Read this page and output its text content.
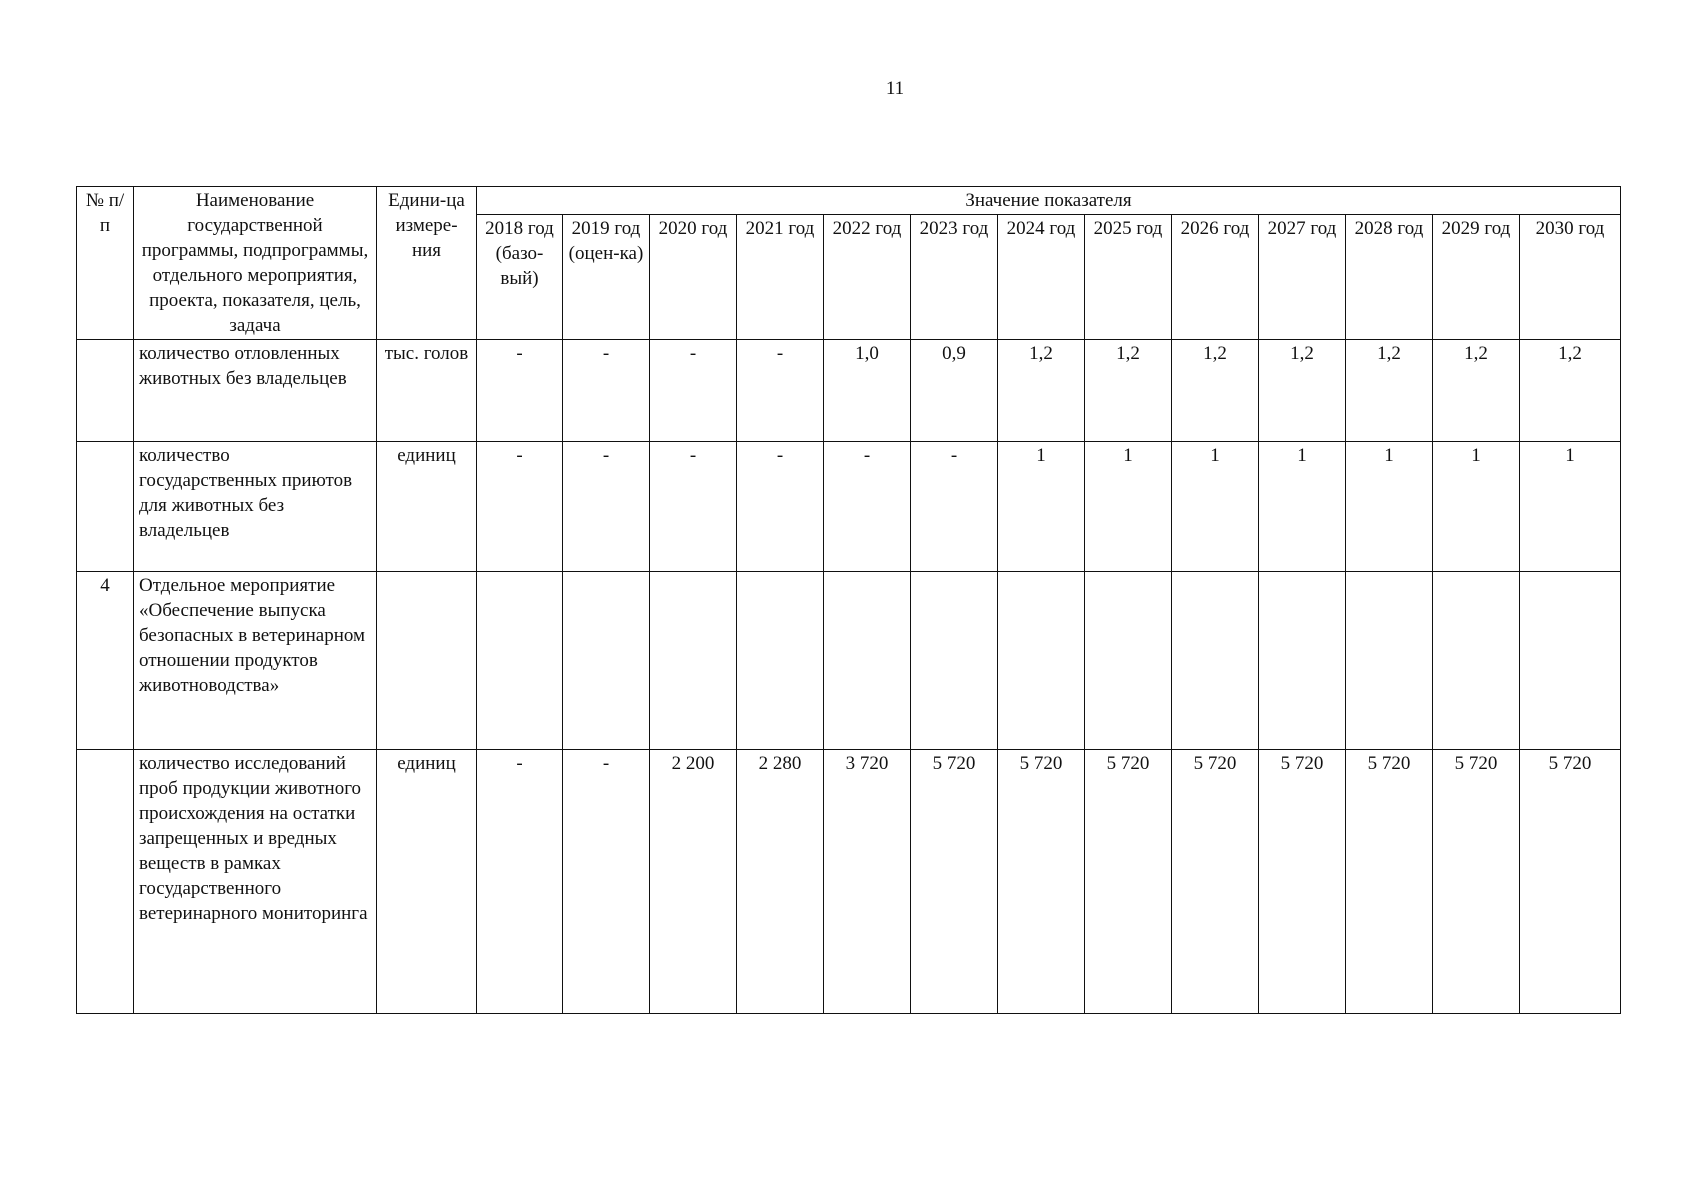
11
№ п/п	Наименование государственной программы, подпрограммы, отдельного мероприятия, проекта, показателя, цель, задача	Едини-ца измере-ния	Значение показателя												
			2018 год (базо-вый)	2019 год (оцен-ка)	2020 год	2021 год	2022 год	2023 год	2024 год	2025 год	2026 год	2027 год	2028 год	2029 год	2030 год
	количество отловленных животных без владельцев	тыс. голов	-	-	-	-	1,0	0,9	1,2	1,2	1,2	1,2	1,2	1,2	1,2
	количество государственных приютов для животных без владельцев	единиц	-	-	-	-	-	-	1	1	1	1	1	1	1
4	Отдельное мероприятие «Обеспечение выпуска безопасных в ветеринарном отношении продуктов животноводства»														
	количество исследований проб продукции животного происхождения на остатки запрещенных и вредных веществ в рамках государственного ветеринарного мониторинга	единиц	-	-	2 200	2 280	3 720	5 720	5 720	5 720	5 720	5 720	5 720	5 720	5 720
